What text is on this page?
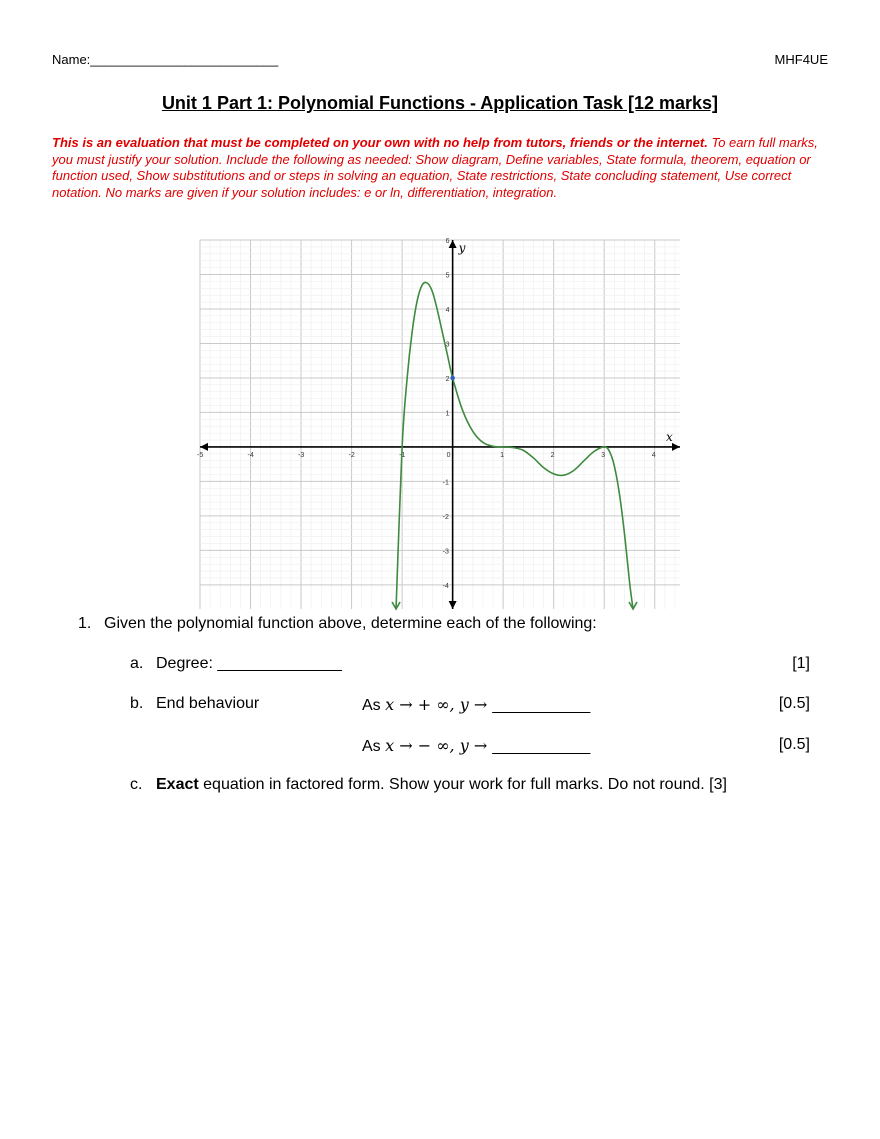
Name:__________________________	MHF4UE
Unit 1 Part 1: Polynomial Functions - Application Task [12 marks]
This is an evaluation that must be completed on your own with no help from tutors, friends or the internet. To earn full marks, you must justify your solution. Include the following as needed: Show diagram, Define variables, State formula, theorem, equation or function used, Show substitutions and or steps in solving an equation, State restrictions, State concluding statement, Use correct notation. No marks are given if your solution includes: e or ln, differentiation, integration.
-5	-4	-3	-2	-1	0	1	2	3	4
6
5
4
3
2
1
-1
-2
-3
-4
x
y
1. Given the polynomial function above, determine each of the following:
a. Degree: ______________	[1]
b. End behaviour	As x → + ∞, y → ___________	[0.5]
As x → − ∞, y → ___________	[0.5]
c. Exact equation in factored form. Show your work for full marks. Do not round. [3]
